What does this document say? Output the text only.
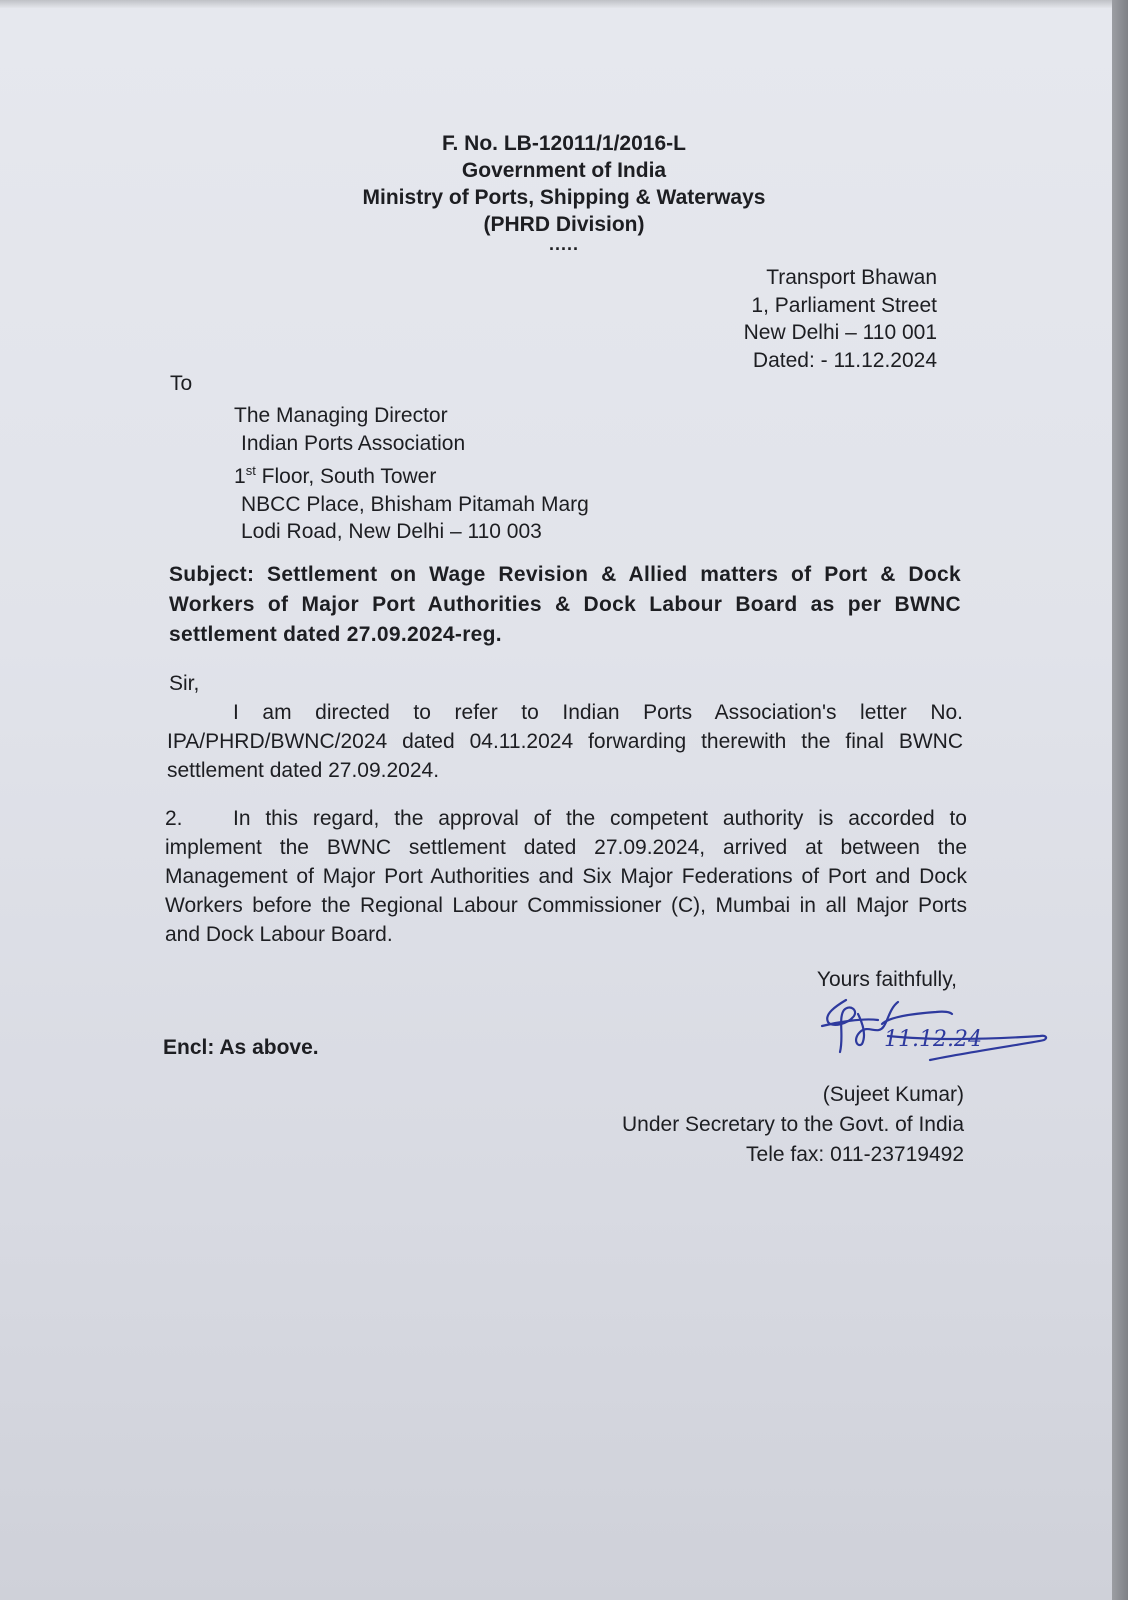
F. No. LB-12011/1/2016-L
Government of India
Ministry of Ports, Shipping & Waterways
(PHRD Division)
.....
Transport Bhawan
1, Parliament Street
New Delhi – 110 001
Dated: - 11.12.2024
To
The Managing Director
Indian Ports Association
1st Floor, South Tower
NBCC Place, Bhisham Pitamah Marg
Lodi Road, New Delhi – 110 003
Subject: Settlement on Wage Revision & Allied matters of Port & Dock Workers of Major Port Authorities & Dock Labour Board as per BWNC settlement dated 27.09.2024-reg.
Sir,
I am directed to refer to Indian Ports Association's letter No. IPA/PHRD/BWNC/2024 dated 04.11.2024 forwarding therewith the final BWNC settlement dated 27.09.2024.
2. In this regard, the approval of the competent authority is accorded to implement the BWNC settlement dated 27.09.2024, arrived at between the Management of Major Port Authorities and Six Major Federations of Port and Dock Workers before the Regional Labour Commissioner (C), Mumbai in all Major Ports and Dock Labour Board.
Yours faithfully,
Encl: As above.	11.12.24
(Sujeet Kumar)
Under Secretary to the Govt. of India
Tele fax: 011-23719492
